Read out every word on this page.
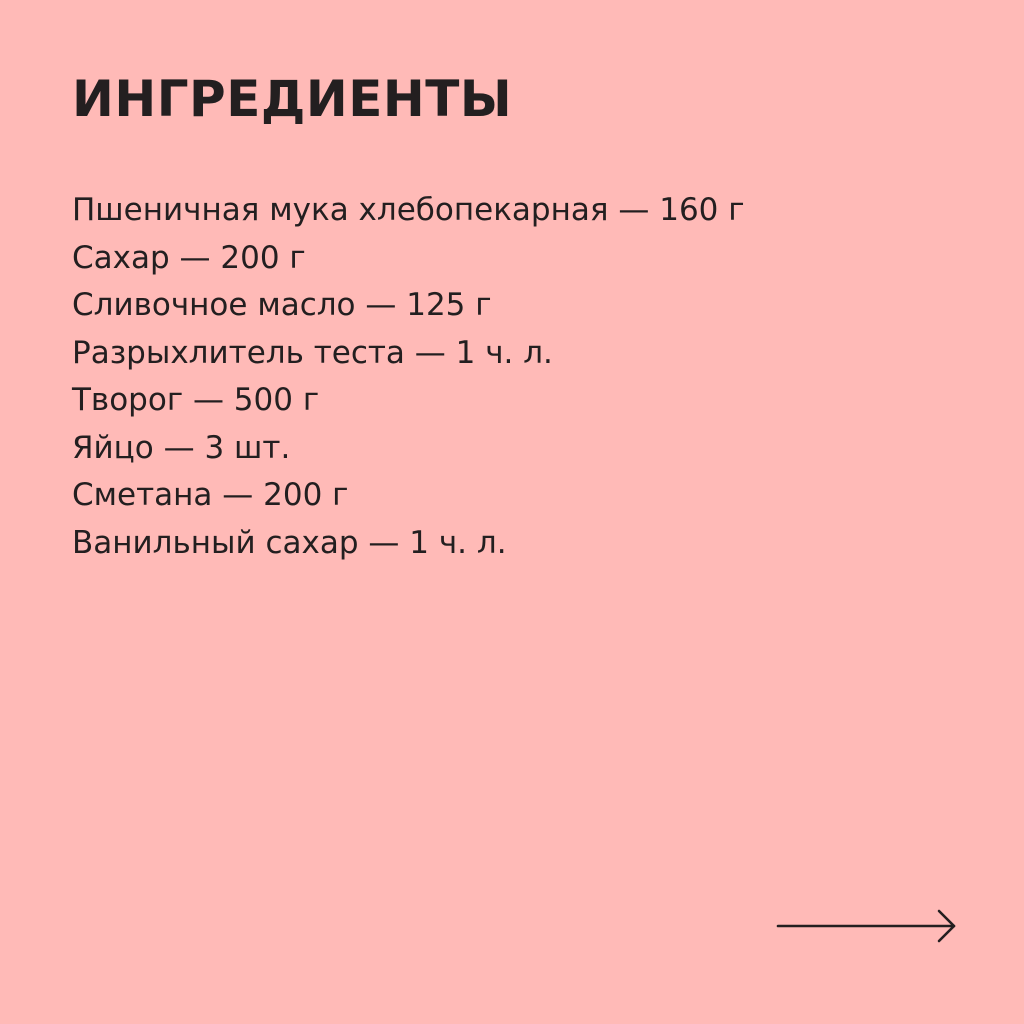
ИНГРЕДИЕНТЫ
Пшеничная мука хлебопекарная — 160 г
Сахар — 200 г
Сливочное масло — 125 г
Разрыхлитель теста — 1 ч. л.
Творог — 500 г
Яйцо — 3 шт.
Сметана — 200 г
Ванильный сахар — 1 ч. л.
